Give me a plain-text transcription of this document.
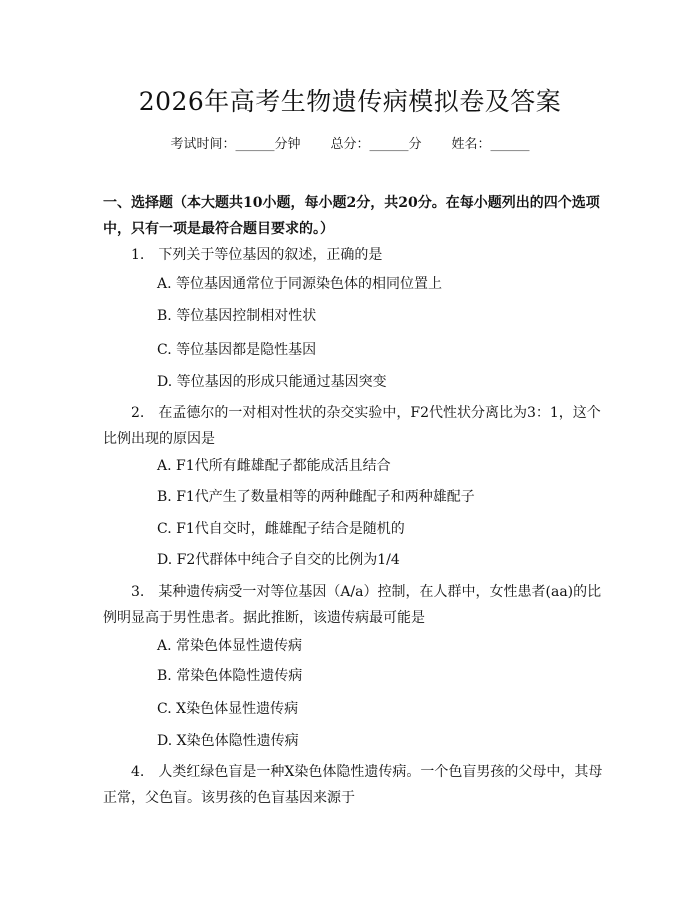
2026年高考生物遗传病模拟卷及答案
考试时间：______分钟 总分：______分 姓名：______
一、选择题（本大题共10小题，每小题2分，共20分。在每小题列出的四个选项中，只有一项是最符合题目要求的。）
1.　下列关于等位基因的叙述，正确的是
A. 等位基因通常位于同源染色体的相同位置上
B. 等位基因控制相对性状
C. 等位基因都是隐性基因
D. 等位基因的形成只能通过基因突变
2.　在孟德尔的一对相对性状的杂交实验中，F2代性状分离比为3：1，这个比例出现的原因是
A. F1代所有雌雄配子都能成活且结合
B. F1代产生了数量相等的两种雌配子和两种雄配子
C. F1代自交时，雌雄配子结合是随机的
D. F2代群体中纯合子自交的比例为1/4
3.　某种遗传病受一对等位基因（A/a）控制，在人群中，女性患者(aa)的比例明显高于男性患者。据此推断，该遗传病最可能是
A. 常染色体显性遗传病
B. 常染色体隐性遗传病
C. X染色体显性遗传病
D. X染色体隐性遗传病
4.　人类红绿色盲是一种X染色体隐性遗传病。一个色盲男孩的父母中，其母正常，父色盲。该男孩的色盲基因来源于
